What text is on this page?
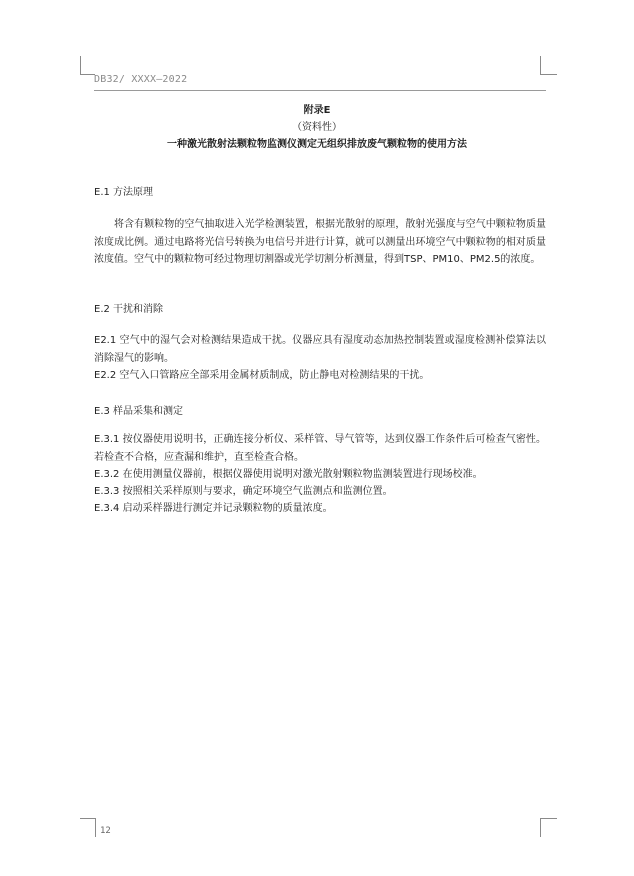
DB32/ XXXX—2022
附录E
（资料性）
一种激光散射法颗粒物监测仪测定无组织排放废气颗粒物的使用方法
E.1 方法原理
将含有颗粒物的空气抽取进入光学检测装置，根据光散射的原理，散射光强度与空气中颗粒物质量浓度成比例。通过电路将光信号转换为电信号并进行计算，就可以测量出环境空气中颗粒物的相对质量浓度值。空气中的颗粒物可经过物理切割器或光学切割分析测量，得到TSP、PM10、PM2.5的浓度。
E.2 干扰和消除
E2.1 空气中的湿气会对检测结果造成干扰。仪器应具有湿度动态加热控制装置或湿度检测补偿算法以消除湿气的影响。
E2.2 空气入口管路应全部采用金属材质制成，防止静电对检测结果的干扰。
E.3 样品采集和测定
E.3.1 按仪器使用说明书，正确连接分析仪、采样管、导气管等，达到仪器工作条件后可检查气密性。若检查不合格，应查漏和维护，直至检查合格。
E.3.2 在使用测量仪器前，根据仪器使用说明对激光散射颗粒物监测装置进行现场校准。
E.3.3 按照相关采样原则与要求，确定环境空气监测点和监测位置。
E.3.4 启动采样器进行测定并记录颗粒物的质量浓度。
12
